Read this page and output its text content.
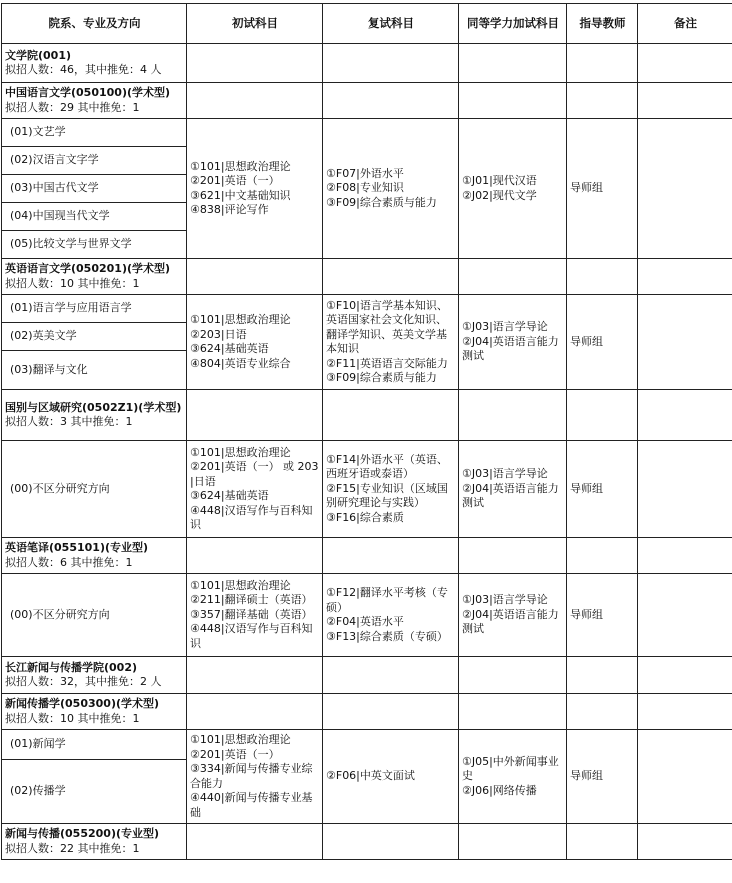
院系、专业及方向	初试科目	复试科目	同等学力加试科目	指导教师	备注

文学院(001)
拟招人数：46，其中推免：4 人					

中国语言文学(050100)(学术型)
拟招人数：29 其中推免：1					

(01)文艺学	①101|思想政治理论
②201|英语（一）
③621|中文基础知识
④838|评论写作	①F07|外语水平
②F08|专业知识
③F09|综合素质与能力	①J01|现代汉语
②J02|现代文学	导师组	
(02)汉语言文字学					
(03)中国古代文学					
(04)中国现当代文学					
(05)比较文学与世界文学					

英语语言文学(050201)(学术型)
拟招人数：10 其中推免：1					

(01)语言学与应用语言学	①101|思想政治理论
②203|日语
③624|基础英语
④804|英语专业综合	①F10|语言学基本知识、英语国家社会文化知识、翻译学知识、英美文学基本知识
②F11|英语语言交际能力
③F09|综合素质与能力	①J03|语言学导论
②J04|英语语言能力测试	导师组	
(02)英美文学					
(03)翻译与文化					

国别与区域研究(0502Z1)(学术型)
拟招人数：3 其中推免：1					

(00)不区分研究方向	①101|思想政治理论
②201|英语（一） 或 203|日语
③624|基础英语
④448|汉语写作与百科知识	①F14|外语水平（英语、西班牙语或泰语）
②F15|专业知识（区域国别研究理论与实践）
③F16|综合素质	①J03|语言学导论
②J04|英语语言能力测试	导师组	

英语笔译(055101)(专业型)
拟招人数：6 其中推免：1					

(00)不区分研究方向	①101|思想政治理论
②211|翻译硕士（英语）
③357|翻译基础（英语）
④448|汉语写作与百科知识	①F12|翻译水平考核（专硕）
②F04|英语水平
③F13|综合素质（专硕）	①J03|语言学导论
②J04|英语语言能力测试	导师组	

长江新闻与传播学院(002)
拟招人数：32，其中推免：2 人					

新闻传播学(050300)(学术型)
拟招人数：10 其中推免：1					

(01)新闻学	①101|思想政治理论
②201|英语（一）
③334|新闻与传播专业综合能力
④440|新闻与传播专业基础	②F06|中英文面试	①J05|中外新闻事业史
②J06|网络传播	导师组	
(02)传播学					

新闻与传播(055200)(专业型)
拟招人数：22 其中推免：1					
